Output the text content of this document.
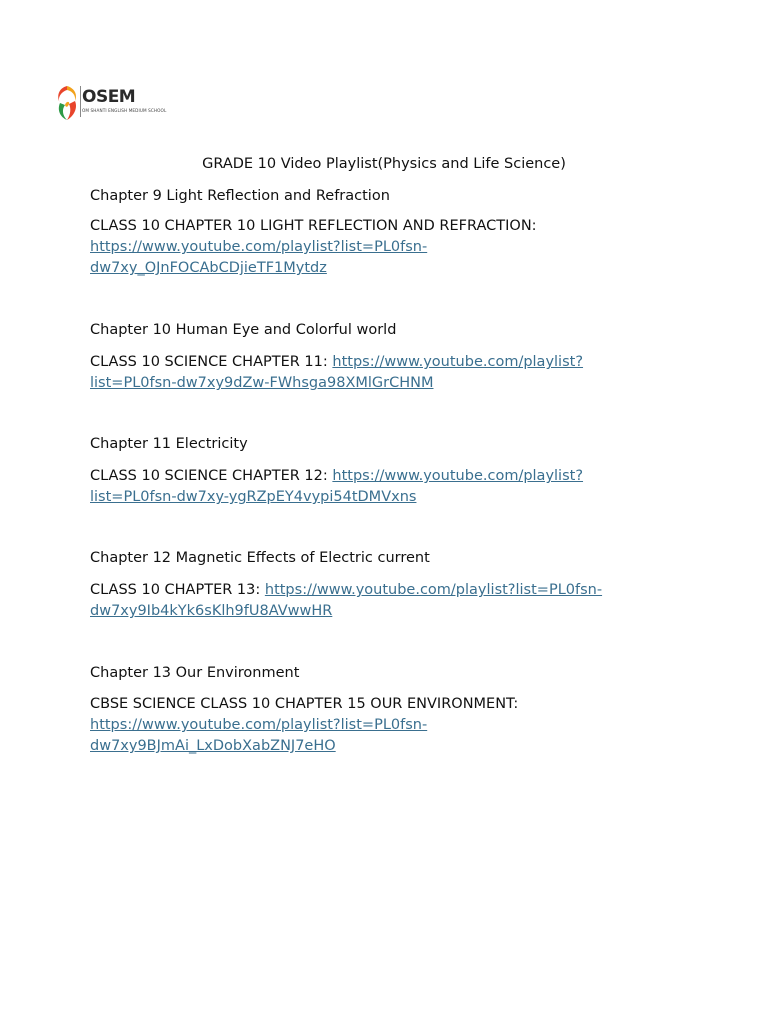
OSEM
OM SHANTI ENGLISH MEDIUM SCHOOL
GRADE 10 Video Playlist(Physics and Life Science)
Chapter 9 Light Reflection and Refraction
CLASS 10 CHAPTER 10 LIGHT REFLECTION AND REFRACTION:
https://www.youtube.com/playlist?list=PL0fsn-
dw7xy_OJnFOCAbCDjieTF1Mytdz
Chapter 10 Human Eye and Colorful world
CLASS 10 SCIENCE CHAPTER 11: https://www.youtube.com/playlist?
list=PL0fsn-dw7xy9dZw-FWhsga98XMlGrCHNM
Chapter 11 Electricity
CLASS 10 SCIENCE CHAPTER 12: https://www.youtube.com/playlist?
list=PL0fsn-dw7xy-ygRZpEY4vypi54tDMVxns
Chapter 12 Magnetic Effects of Electric current
CLASS 10 CHAPTER 13: https://www.youtube.com/playlist?list=PL0fsn-
dw7xy9Ib4kYk6sKlh9fU8AVwwHR
Chapter 13 Our Environment
CBSE SCIENCE CLASS 10 CHAPTER 15 OUR ENVIRONMENT:
https://www.youtube.com/playlist?list=PL0fsn-
dw7xy9BJmAi_LxDobXabZNJ7eHO
